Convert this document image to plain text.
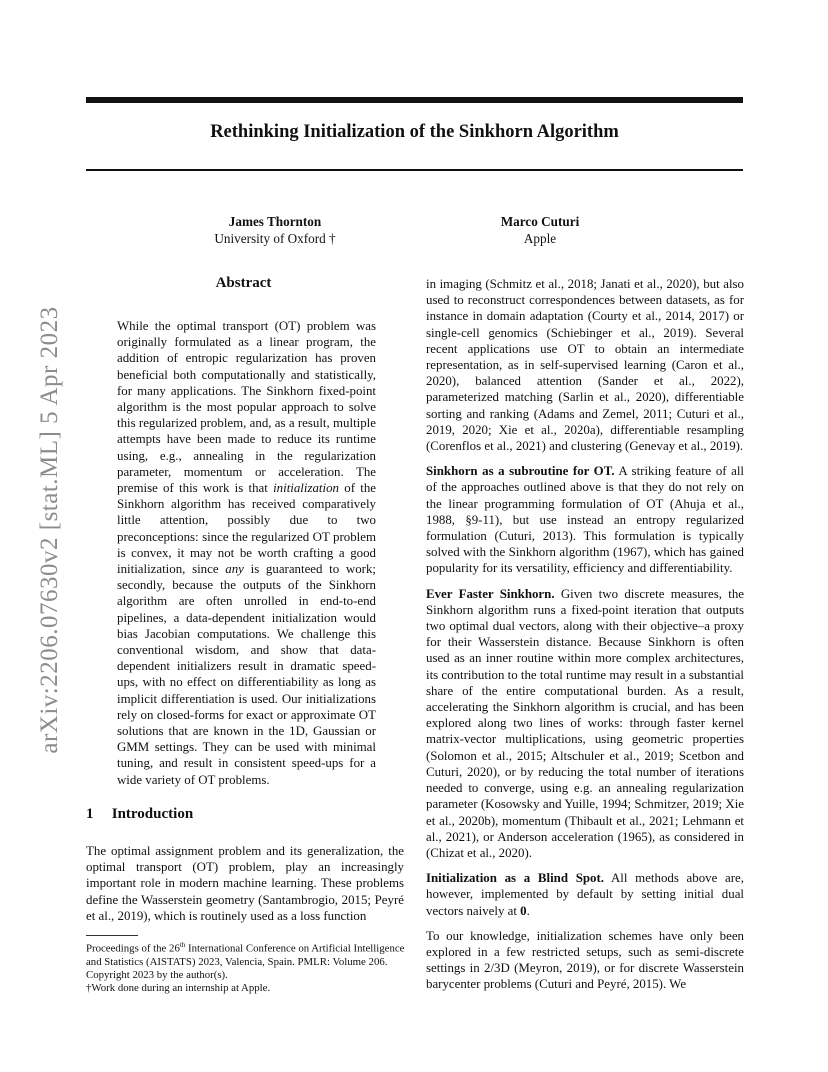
Rethinking Initialization of the Sinkhorn Algorithm
James Thornton
University of Oxford †
Marco Cuturi
Apple
arXiv:2206.07630v2 [stat.ML] 5 Apr 2023
Abstract
While the optimal transport (OT) problem was originally formulated as a linear program, the addition of entropic regularization has proven beneficial both computationally and statistically, for many applications. The Sinkhorn fixed-point algorithm is the most popular approach to solve this regularized problem, and, as a result, multiple attempts have been made to reduce its runtime using, e.g., annealing in the regularization parameter, momentum or acceleration. The premise of this work is that initialization of the Sinkhorn algorithm has received comparatively little attention, possibly due to two preconceptions: since the regularized OT problem is convex, it may not be worth crafting a good initialization, since any is guaranteed to work; secondly, because the outputs of the Sinkhorn algorithm are often unrolled in end-to-end pipelines, a data-dependent initialization would bias Jacobian computations. We challenge this conventional wisdom, and show that data-dependent initializers result in dramatic speed-ups, with no effect on differentiability as long as implicit differentiation is used. Our initializations rely on closed-forms for exact or approximate OT solutions that are known in the 1D, Gaussian or GMM settings. They can be used with minimal tuning, and result in consistent speed-ups for a wide variety of OT problems.
1 Introduction
The optimal assignment problem and its generalization, the optimal transport (OT) problem, play an increasingly important role in modern machine learning. These problems define the Wasserstein geometry (Santambrogio, 2015; Peyré et al., 2019), which is routinely used as a loss function

Proceedings of the 26th International Conference on Artificial Intelligence and Statistics (AISTATS) 2023, Valencia, Spain. PMLR: Volume 206. Copyright 2023 by the author(s).

†Work done during an internship at Apple.

in imaging (Schmitz et al., 2018; Janati et al., 2020), but also used to reconstruct correspondences between datasets, as for instance in domain adaptation (Courty et al., 2014, 2017) or single-cell genomics (Schiebinger et al., 2019). Several recent applications use OT to obtain an intermediate representation, as in self-supervised learning (Caron et al., 2020), balanced attention (Sander et al., 2022), parameterized matching (Sarlin et al., 2020), differentiable sorting and ranking (Adams and Zemel, 2011; Cuturi et al., 2019, 2020; Xie et al., 2020a), differentiable resampling (Corenflos et al., 2021) and clustering (Genevay et al., 2019).

Sinkhorn as a subroutine for OT. A striking feature of all of the approaches outlined above is that they do not rely on the linear programming formulation of OT (Ahuja et al., 1988, §9-11), but use instead an entropy regularized formulation (Cuturi, 2013). This formulation is typically solved with the Sinkhorn algorithm (1967), which has gained popularity for its versatility, efficiency and differentiability.

Ever Faster Sinkhorn. Given two discrete measures, the Sinkhorn algorithm runs a fixed-point iteration that outputs two optimal dual vectors, along with their objective–a proxy for their Wasserstein distance. Because Sinkhorn is often used as an inner routine within more complex architectures, its contribution to the total runtime may result in a substantial share of the entire computational burden. As a result, accelerating the Sinkhorn algorithm is crucial, and has been explored along two lines of works: through faster kernel matrix-vector multiplications, using geometric properties (Solomon et al., 2015; Altschuler et al., 2019; Scetbon and Cuturi, 2020), or by reducing the total number of iterations needed to converge, using e.g. an annealing regularization parameter (Kosowsky and Yuille, 1994; Schmitzer, 2019; Xie et al., 2020b), momentum (Thibault et al., 2021; Lehmann et al., 2021), or Anderson acceleration (1965), as considered in (Chizat et al., 2020).

Initialization as a Blind Spot. All methods above are, however, implemented by default by setting initial dual vectors naively at 0.

To our knowledge, initialization schemes have only been explored in a few restricted setups, such as semi-discrete settings in 2/3D (Meyron, 2019), or for discrete Wasserstein barycenter problems (Cuturi and Peyré, 2015). We
